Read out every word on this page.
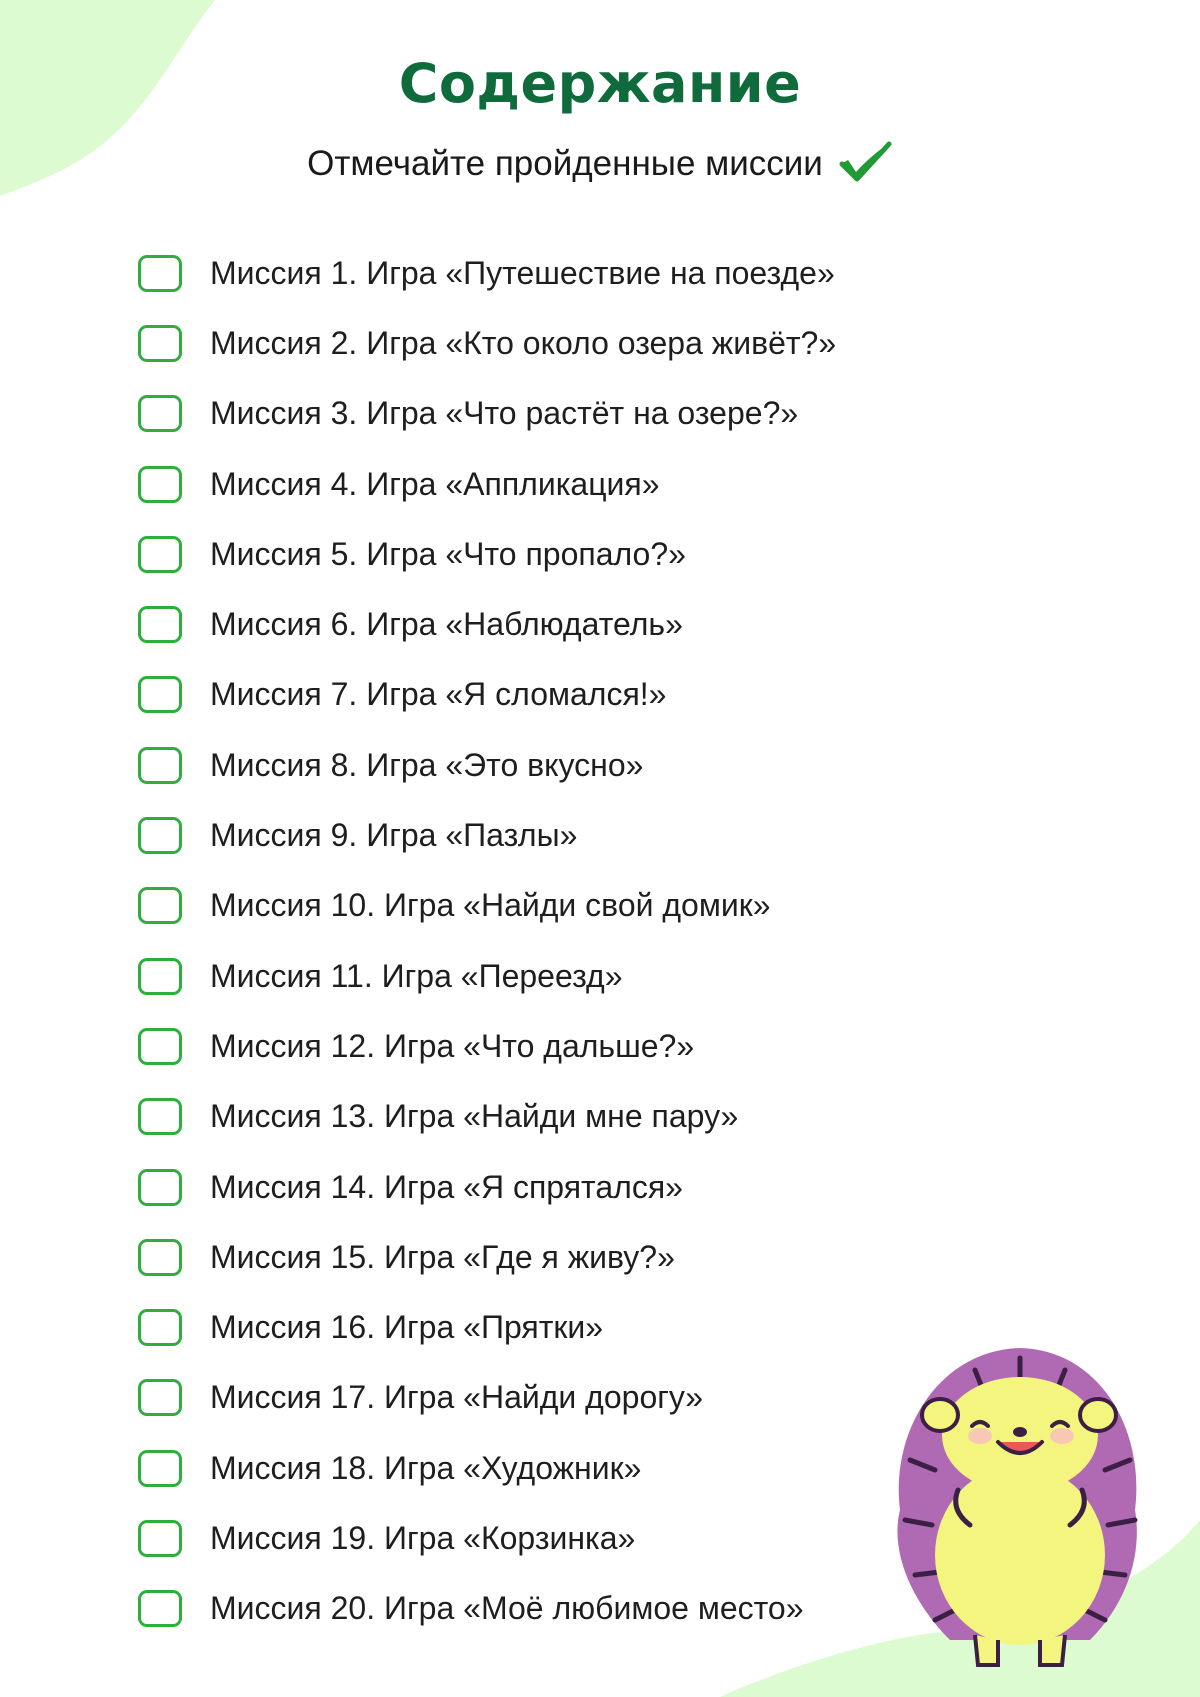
Содержание
Отмечайте пройденные миссии
Миссия 1. Игра «Путешествие на поезде»
Миссия 2. Игра «Кто около озера живёт?»
Миссия 3. Игра «Что растёт на озере?»
Миссия 4. Игра «Аппликация»
Миссия 5. Игра «Что пропало?»
Миссия 6. Игра «Наблюдатель»
Миссия 7. Игра «Я сломался!»
Миссия 8. Игра «Это вкусно»
Миссия 9. Игра «Пазлы»
Миссия 10. Игра «Найди свой домик»
Миссия 11. Игра «Переезд»
Миссия 12. Игра «Что дальше?»
Миссия 13. Игра «Найди мне пару»
Миссия 14. Игра «Я спрятался»
Миссия 15. Игра «Где я живу?»
Миссия 16. Игра «Прятки»
Миссия 17. Игра «Найди дорогу»
Миссия 18. Игра «Художник»
Миссия 19. Игра «Корзинка»
Миссия 20. Игра «Моё любимое место»
